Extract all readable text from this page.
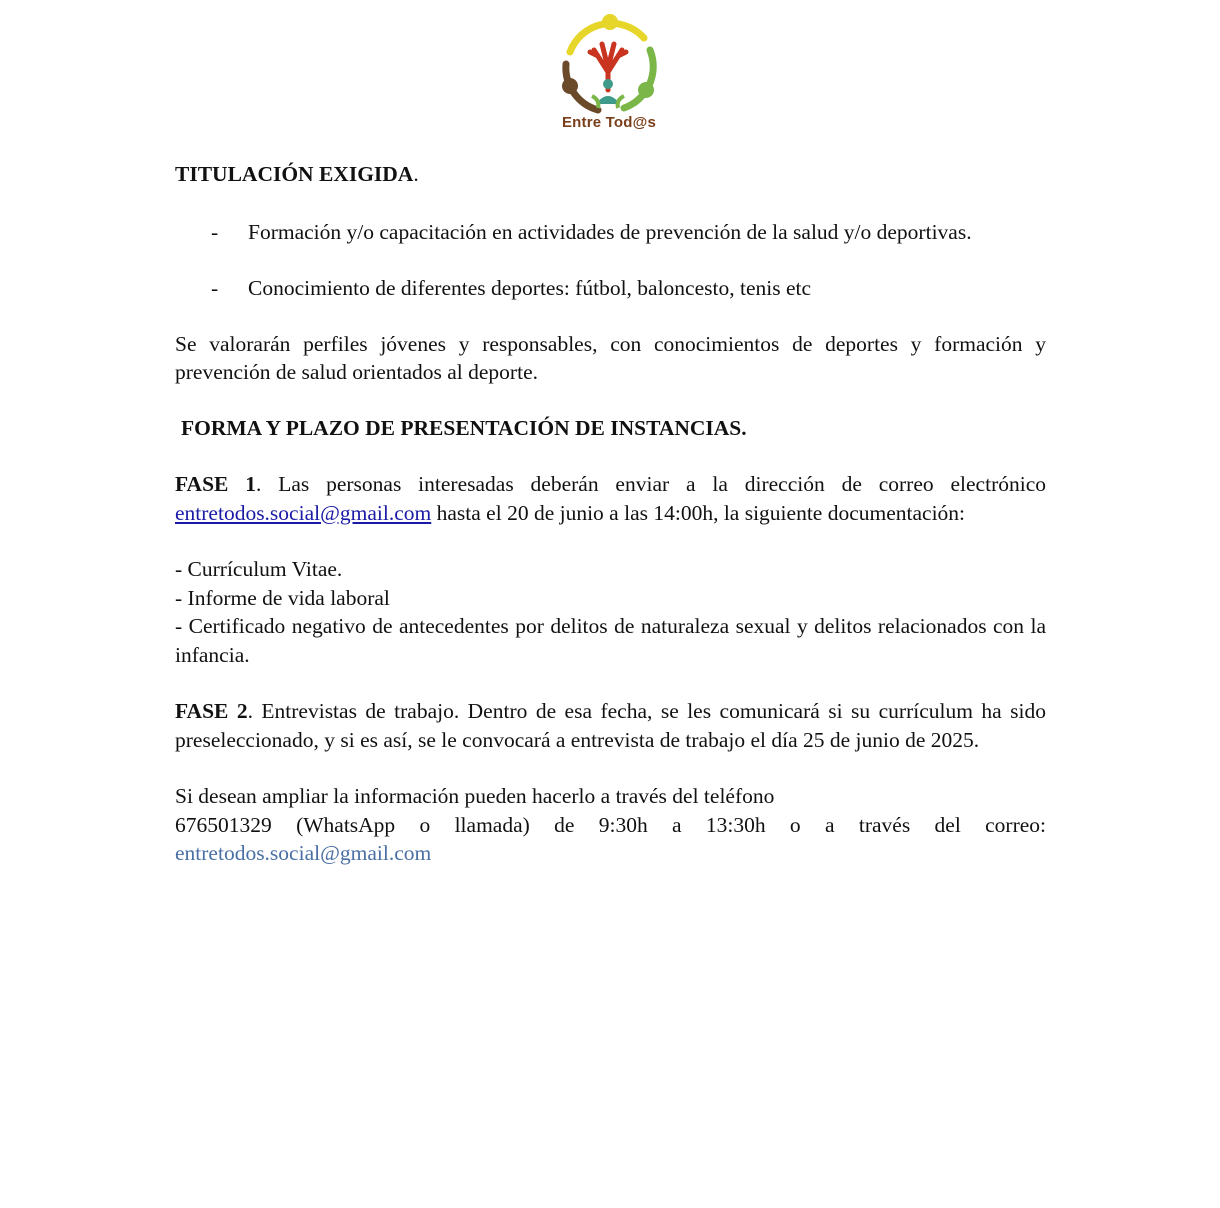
Entre Tod@s

TITULACIÓN EXIGIDA.

- Formación y/o capacitación en actividades de prevención de la salud y/o deportivas.

- Conocimiento de diferentes deportes: fútbol, baloncesto, tenis etc

Se valorarán perfiles jóvenes y responsables, con conocimientos de deportes y formación y prevención de salud orientados al deporte.

FORMA Y PLAZO DE PRESENTACIÓN DE INSTANCIAS.

FASE 1. Las personas interesadas deberán enviar a la dirección de correo electrónico entretodos.social@gmail.com hasta el 20 de junio a las 14:00h, la siguiente documentación:

- Currículum Vitae.

- Informe de vida laboral

- Certificado negativo de antecedentes por delitos de naturaleza sexual y delitos relacionados con la infancia.

FASE 2. Entrevistas de trabajo. Dentro de esa fecha, se les comunicará si su currículum ha sido preseleccionado, y si es así, se le convocará a entrevista de trabajo el día 25 de junio de 2025.

Si desean ampliar la información pueden hacerlo a través del teléfono

676501329 (WhatsApp o llamada) de 9:30h a 13:30h o a través del correo:

entretodos.social@gmail.com
